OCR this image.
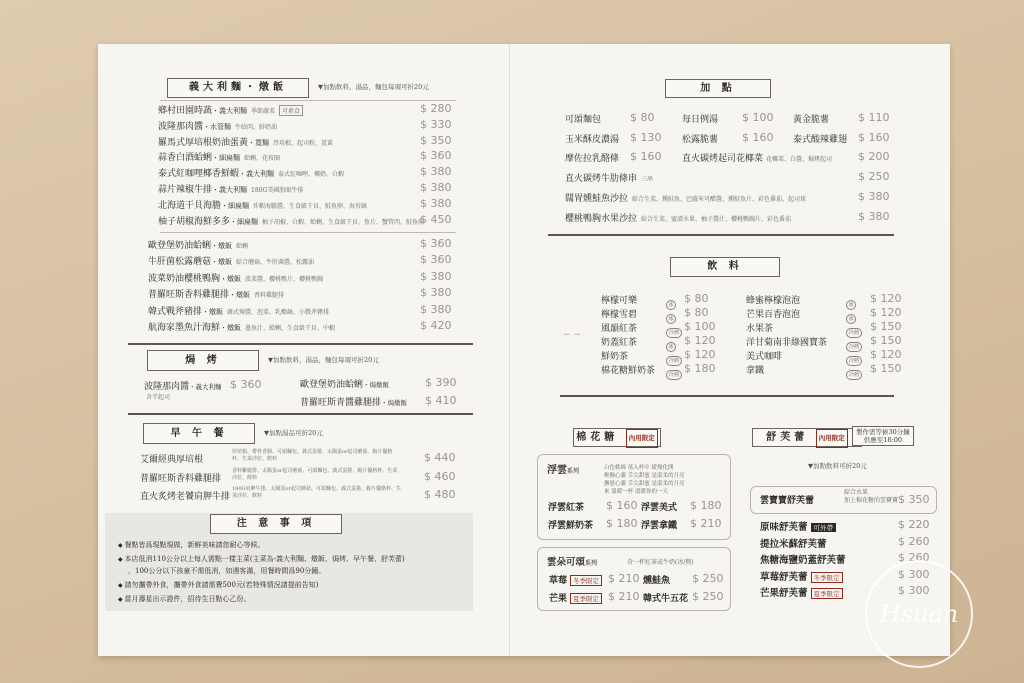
義大利麵・燉飯	▼加點飲料、湯品，麵包每項可折20元
鄉村田園時蔬・義大利麵 季節蔬菜 可素食	$ 280
波隆那肉醬・水管麵 牛絞肉、鮮奶油	$ 330
羅馬式厚培根奶油蛋黃・寬麵 厚培根、起司粉、蛋黃	$ 350
蒜香白酒蛤蜊・細扁麵 蛤蜊、花枝圈	$ 360
泰式紅咖哩椰香鮮蝦・義大利麵 泰式紅咖哩、椰奶、白蝦	$ 380
蒜片辣椒牛排・義大利麵 180G美國肋眼牛排	$ 380
北海道干貝海膽・細扁麵 炸蝦海膽醬、生食級干貝、鮭魚卵、海苔絲	$ 380
柚子胡椒海鮮多多・細扁麵 柚子胡椒、白蝦、蛤蜊、生食級干貝、魚片、蟹管肉、鮭魚卵
$ 450
歐登堡奶油蛤蜊・燉飯 蛤蜊	$ 360
牛肝菌松露蘑菇・燉飯 綜合蘑菇、牛肝菌醬、松露油	$ 360
波菜奶油櫻桃鴨胸・燉飯 波菜醬、櫻桃鴨片、櫻桃鴨胸	$ 380
普羅旺斯香料雞腿排・燉飯 香料雞腿排	$ 380
韓式戰斧豬排・燉飯 韓式辣醬、泡菜、乳酪絲、小戰斧豬排	$ 380
航海家墨魚汁海鮮・燉飯 墨魚汁、蛤蜊、生食級干貝、中蝦	$ 420
焗 烤	▼加點飲料、湯品，麵包每項可折20元
波隆那肉醬・義大利麵
含半起司
$ 360	歐登堡奶油蛤蜊・焗燉飯	$ 390
普羅旺斯青醬雞腿排・焗燉飯 $ 410
早 午 餐	▼加點湯品可折20元
艾爾經典厚培根
厚培根、帶骨香腸、可頌麵包、義式蛋捲、太陽蛋or起司蘑菇、穀片優格杯、生菜沙拉、飲料	$ 440
普羅旺斯香料雞腿排
香料雞腿排、太陽蛋or起司蘑菇、可頌麵包、義式蛋捲、穀片優格杯、生菜沙拉、飲料	$ 460
直火炙烤老饕肩胛牛排
180G肩胛牛排、太陽蛋or起司蘑菇、可頌麵包、義式蛋捲、穀片優格杯、生菜沙拉、飲料	$ 480
注 意 事 項
◆ 餐點皆爲現點現做，新鮮美味請您耐心等候。
◆ 本店低消110公分以上每人需點一樣主菜(主菜為-義大利麵、燉飯、焗烤、早午餐、舒芙蕾)
，100公分以下孩童不需低消，如遇客滿，用餐時間爲90分鐘。
◆ 請勿攜帶外食，攜帶外食請需費500元(若特殊情況請提前告知)
◆ 當月壽星出示證件，招待生日點心乙份。
加 點
可頌麵包	$ 80	每日例湯 $ 100 黃金脆薯	$ 110
玉米酥皮濃湯 $ 130 松露脆薯 $ 160 泰式酸辣雞翅 $ 160
摩佐拉乳酪條 $ 160 直火碳烤起司花椰菜 花椰菜、白醬、焗烤起司 $ 200
直火碳烤牛肋條串 三串	$ 250
闊胃燻鮭魚沙拉 綜合生菜、燻鮭魚、巴薩米可醋醬、燻鮭魚片、彩色番茄、起司球	$ 380
櫻桃鴨胸水果沙拉 綜合生菜、蜜漬水果、柚子醬汁、櫻桃鴨胸片、彩色番茄	$ 380
飲 料
~ ~
檸檬可樂	冰 $ 80
檸檬雪碧	冰 $ 80
風韻紅茶	冷熱 $ 100
奶蓋紅茶	冰 $ 120
鮮奶茶	冷熱 $ 120
棉花糖鮮奶茶	冷熱 $ 180
蜂蜜檸檬泡泡	冰	$ 120
芒果百香泡泡	冰	$ 120
水果茶	冷熱	$ 150
洋甘菊南非綠國寶茶	冷熱	$ 150
美式咖啡	冷熱	$ 120
拿鐵	冷熱	$ 150
棉花糖 內用限定
浮雲系列	白色軟綿 落入杯中 緩慢化開
輕撫心靈 舌尖甜蜜 是溫柔的月亮
撫慰心靈 舌尖甜蜜 是溫柔的月亮
來 溫暖一杯 溫暖你的一天
浮雲紅茶 $ 160 浮雲美式 $ 180
浮雲鮮奶茶 $ 180 浮雲拿鐵 $ 210
雲朵可頌系列	含一杯紅茶或牛奶(冰/熱)
草莓 冬季限定 $ 210 燻鮭魚 $ 250
芒果 夏季限定 $ 210 韓式牛五花 $ 250
舒芙蕾 內用限定
製作需等候30分鐘
供應至18:00
▼加點飲料可折20元
雲寶寶舒芙蕾
綜合水果
加上棉花糖的雲寶寶 $ 350
原味舒芙蕾 可外帶	$ 220
提拉米蘇舒芙蕾	$ 260
焦糖海鹽奶蓋舒芙蕾	$ 260
草莓舒芙蕾 冬季限定	$ 300
芒果舒芙蕾 夏季限定	$ 300
Hsuan
